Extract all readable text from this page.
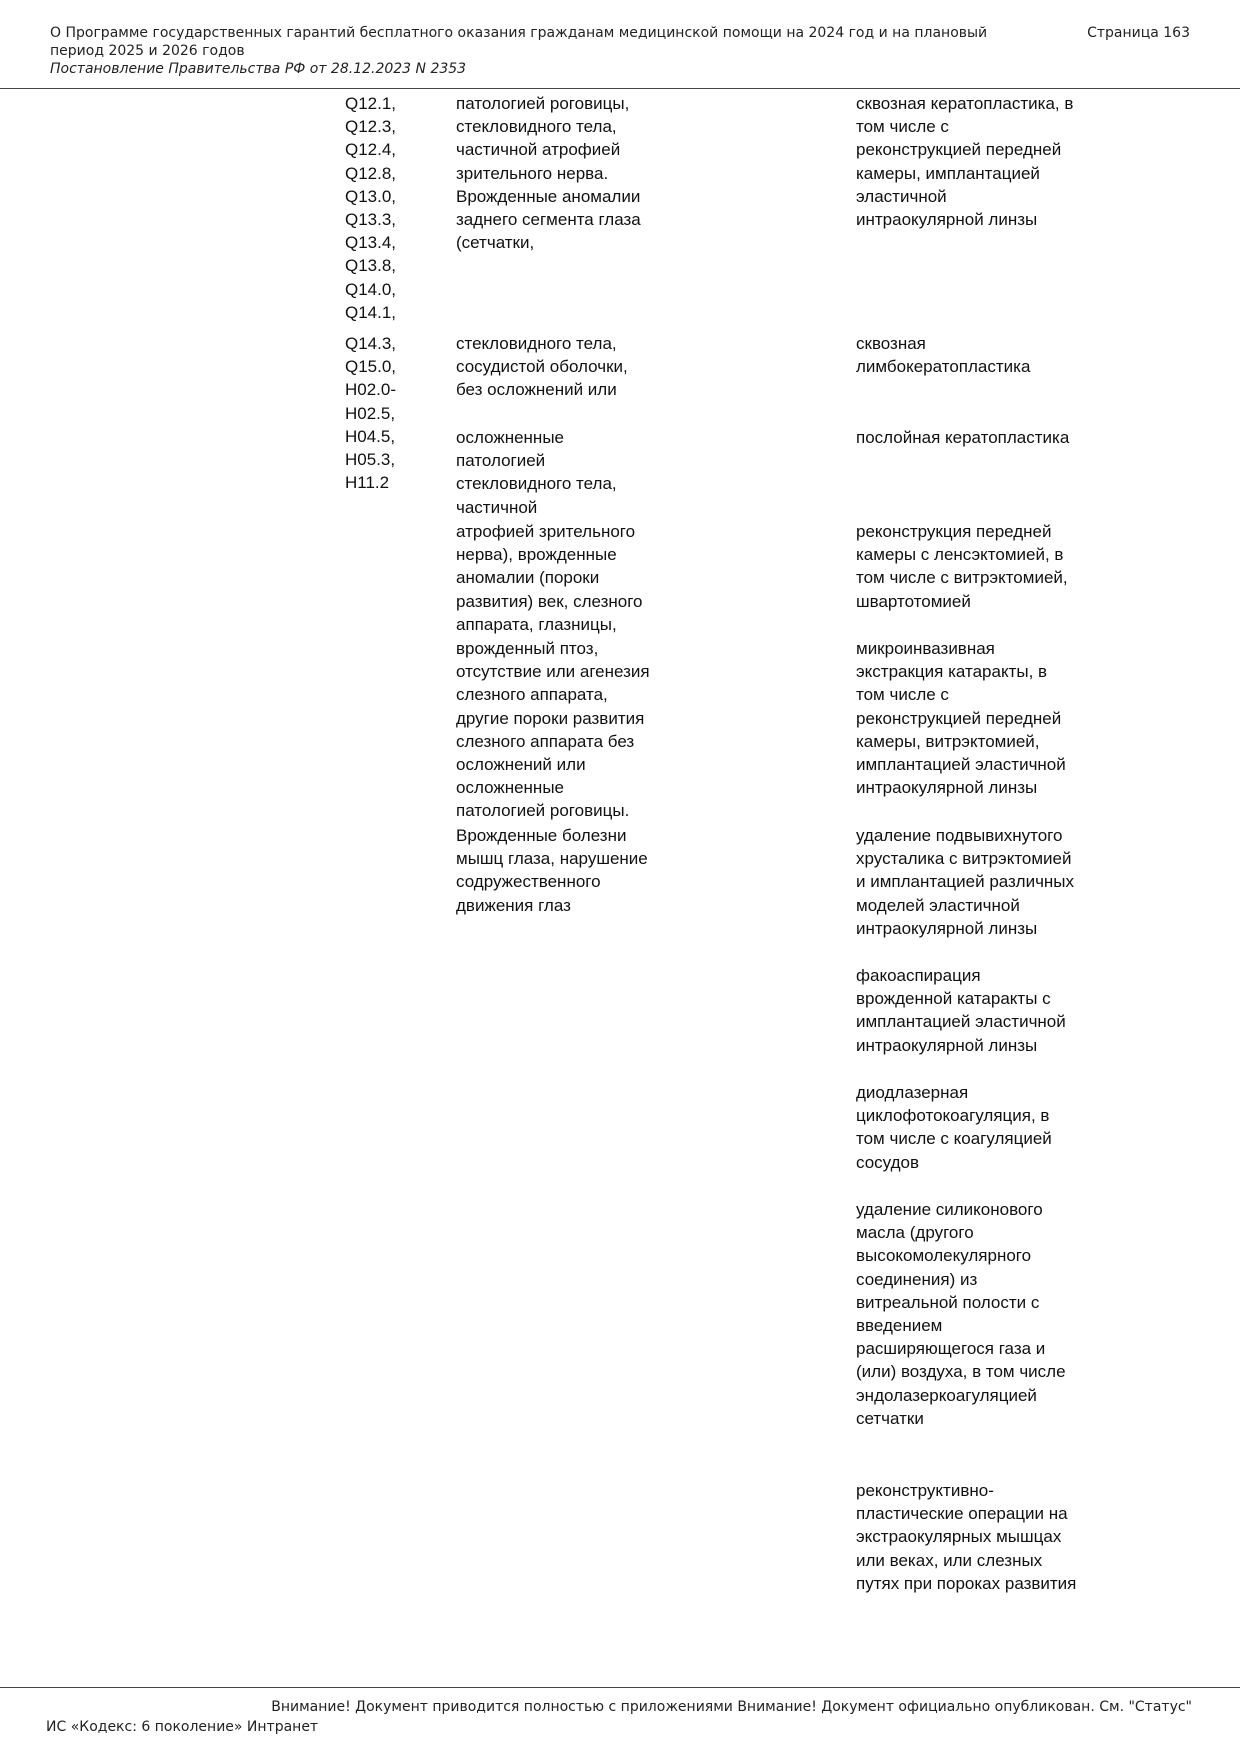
О Программе государственных гарантий бесплатного оказания гражданам медицинской помощи на 2024 год и на плановый период 2025 и 2026 годов
Постановление Правительства РФ от 28.12.2023 N 2353
Страница 163
Q12.1,
Q12.3,
Q12.4,
Q12.8,
Q13.0,
Q13.3,
Q13.4,
Q13.8,
Q14.0,
Q14.1,
Q14.3,
Q15.0,
H02.0-
H02.5,
H04.5,
H05.3,
H11.2
патологией роговицы,
стекловидного тела,
частичной атрофией
зрительного нерва.
Врожденные аномалии
заднего сегмента глаза
(сетчатки,
стекловидного тела,
сосудистой оболочки,
без осложнений или
осложненные
патологией
стекловидного тела,
частичной
атрофией зрительного
нерва), врожденные
аномалии (пороки
развития) век, слезного
аппарата, глазницы,
врожденный птоз,
отсутствие или агенезия
слезного аппарата,
другие пороки развития
слезного аппарата без
осложнений или
осложненные
патологией роговицы.
Врожденные болезни
мышц глаза, нарушение
содружественного
движения глаз
сквозная кератопластика, в
том числе с
реконструкцией передней
камеры, имплантацией
эластичной
интраокулярной линзы
сквозная
лимбокератопластика
послойная кератопластика
реконструкция передней
камеры с ленсэктомией, в
том числе с витрэктомией,
швартотомией
микроинвазивная
экстракция катаракты, в
том числе с
реконструкцией передней
камеры, витрэктомией,
имплантацией эластичной
интраокулярной линзы
удаление подвывихнутого
хрусталика с витрэктомией
и имплантацией различных
моделей эластичной
интраокулярной линзы
факоаспирация
врожденной катаракты с
имплантацией эластичной
интраокулярной линзы
диодлазерная
циклофотокоагуляция, в
том числе с коагуляцией
сосудов
удаление силиконового
масла (другого
высокомолекулярного
соединения) из
витреальной полости с
введением
расширяющегося газа и
(или) воздуха, в том числе
эндолазеркоагуляцией
сетчатки
реконструктивно-
пластические операции на
экстраокулярных мышцах
или веках, или слезных
путях при пороках развития
Внимание! Документ приводится полностью с приложениями Внимание! Документ официально опубликован. См. "Статус"
ИС «Кодекс: 6 поколение» Интранет
